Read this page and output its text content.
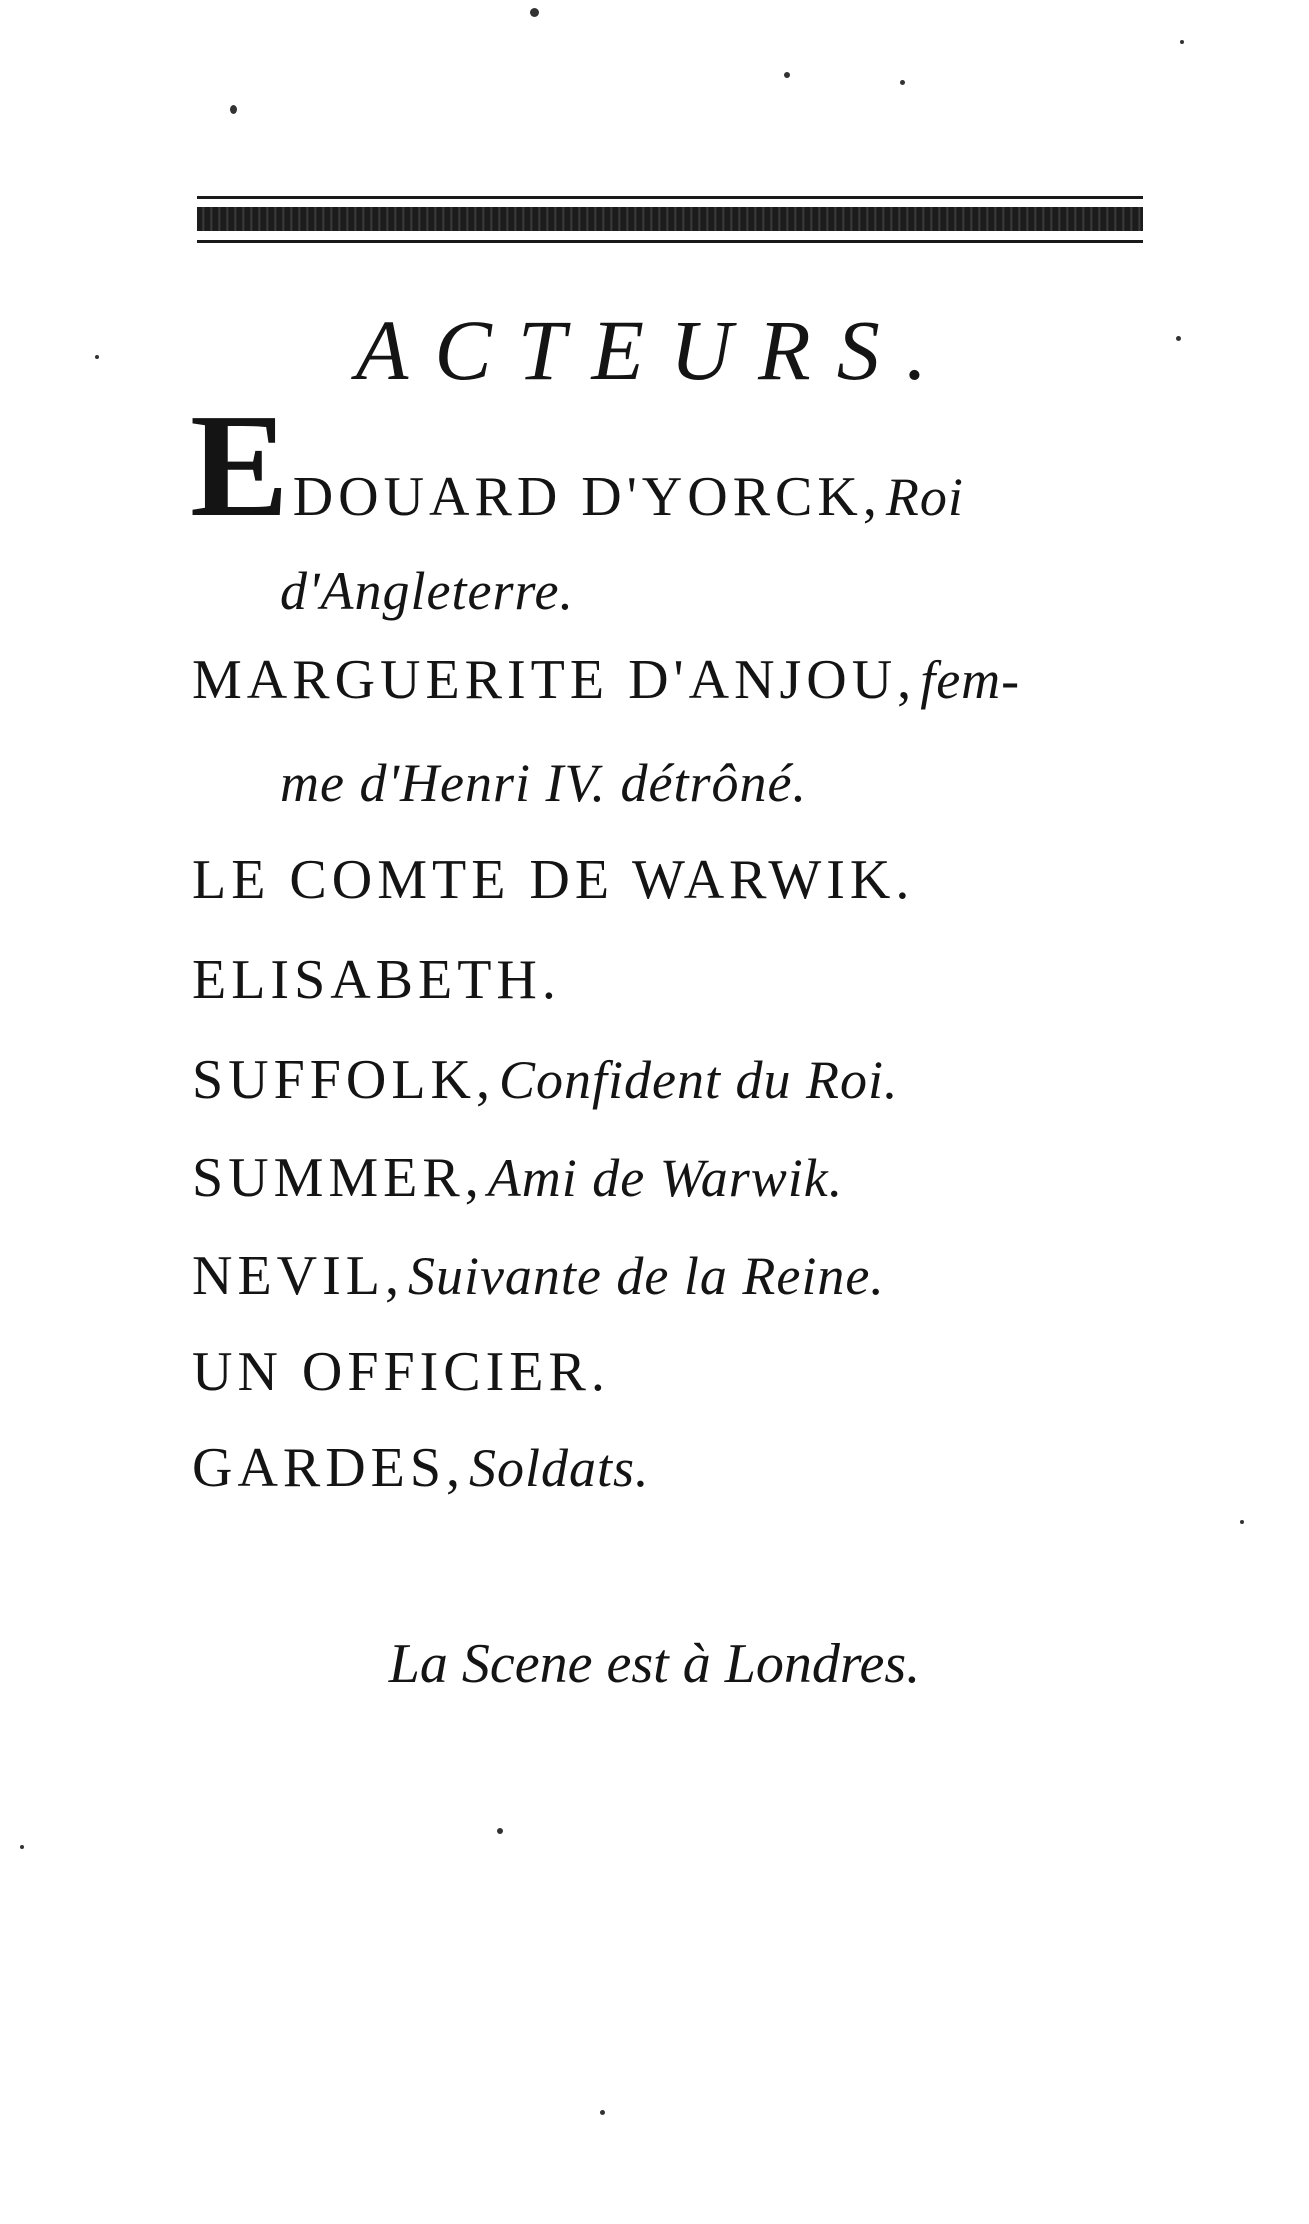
ACTEURS.
EDOUARD D'YORCK, Roi
d'Angleterre.
MARGUERITE D'ANJOU, fem-
me d'Henri IV. détrôné.
LE COMTE DE WARWIK.
ELISABETH.
SUFFOLK, Confident du Roi.
SUMMER, Ami de Warwik.
NEVIL, Suivante de la Reine.
UN OFFICIER.
GARDES, Soldats.
La Scene est à Londres.
